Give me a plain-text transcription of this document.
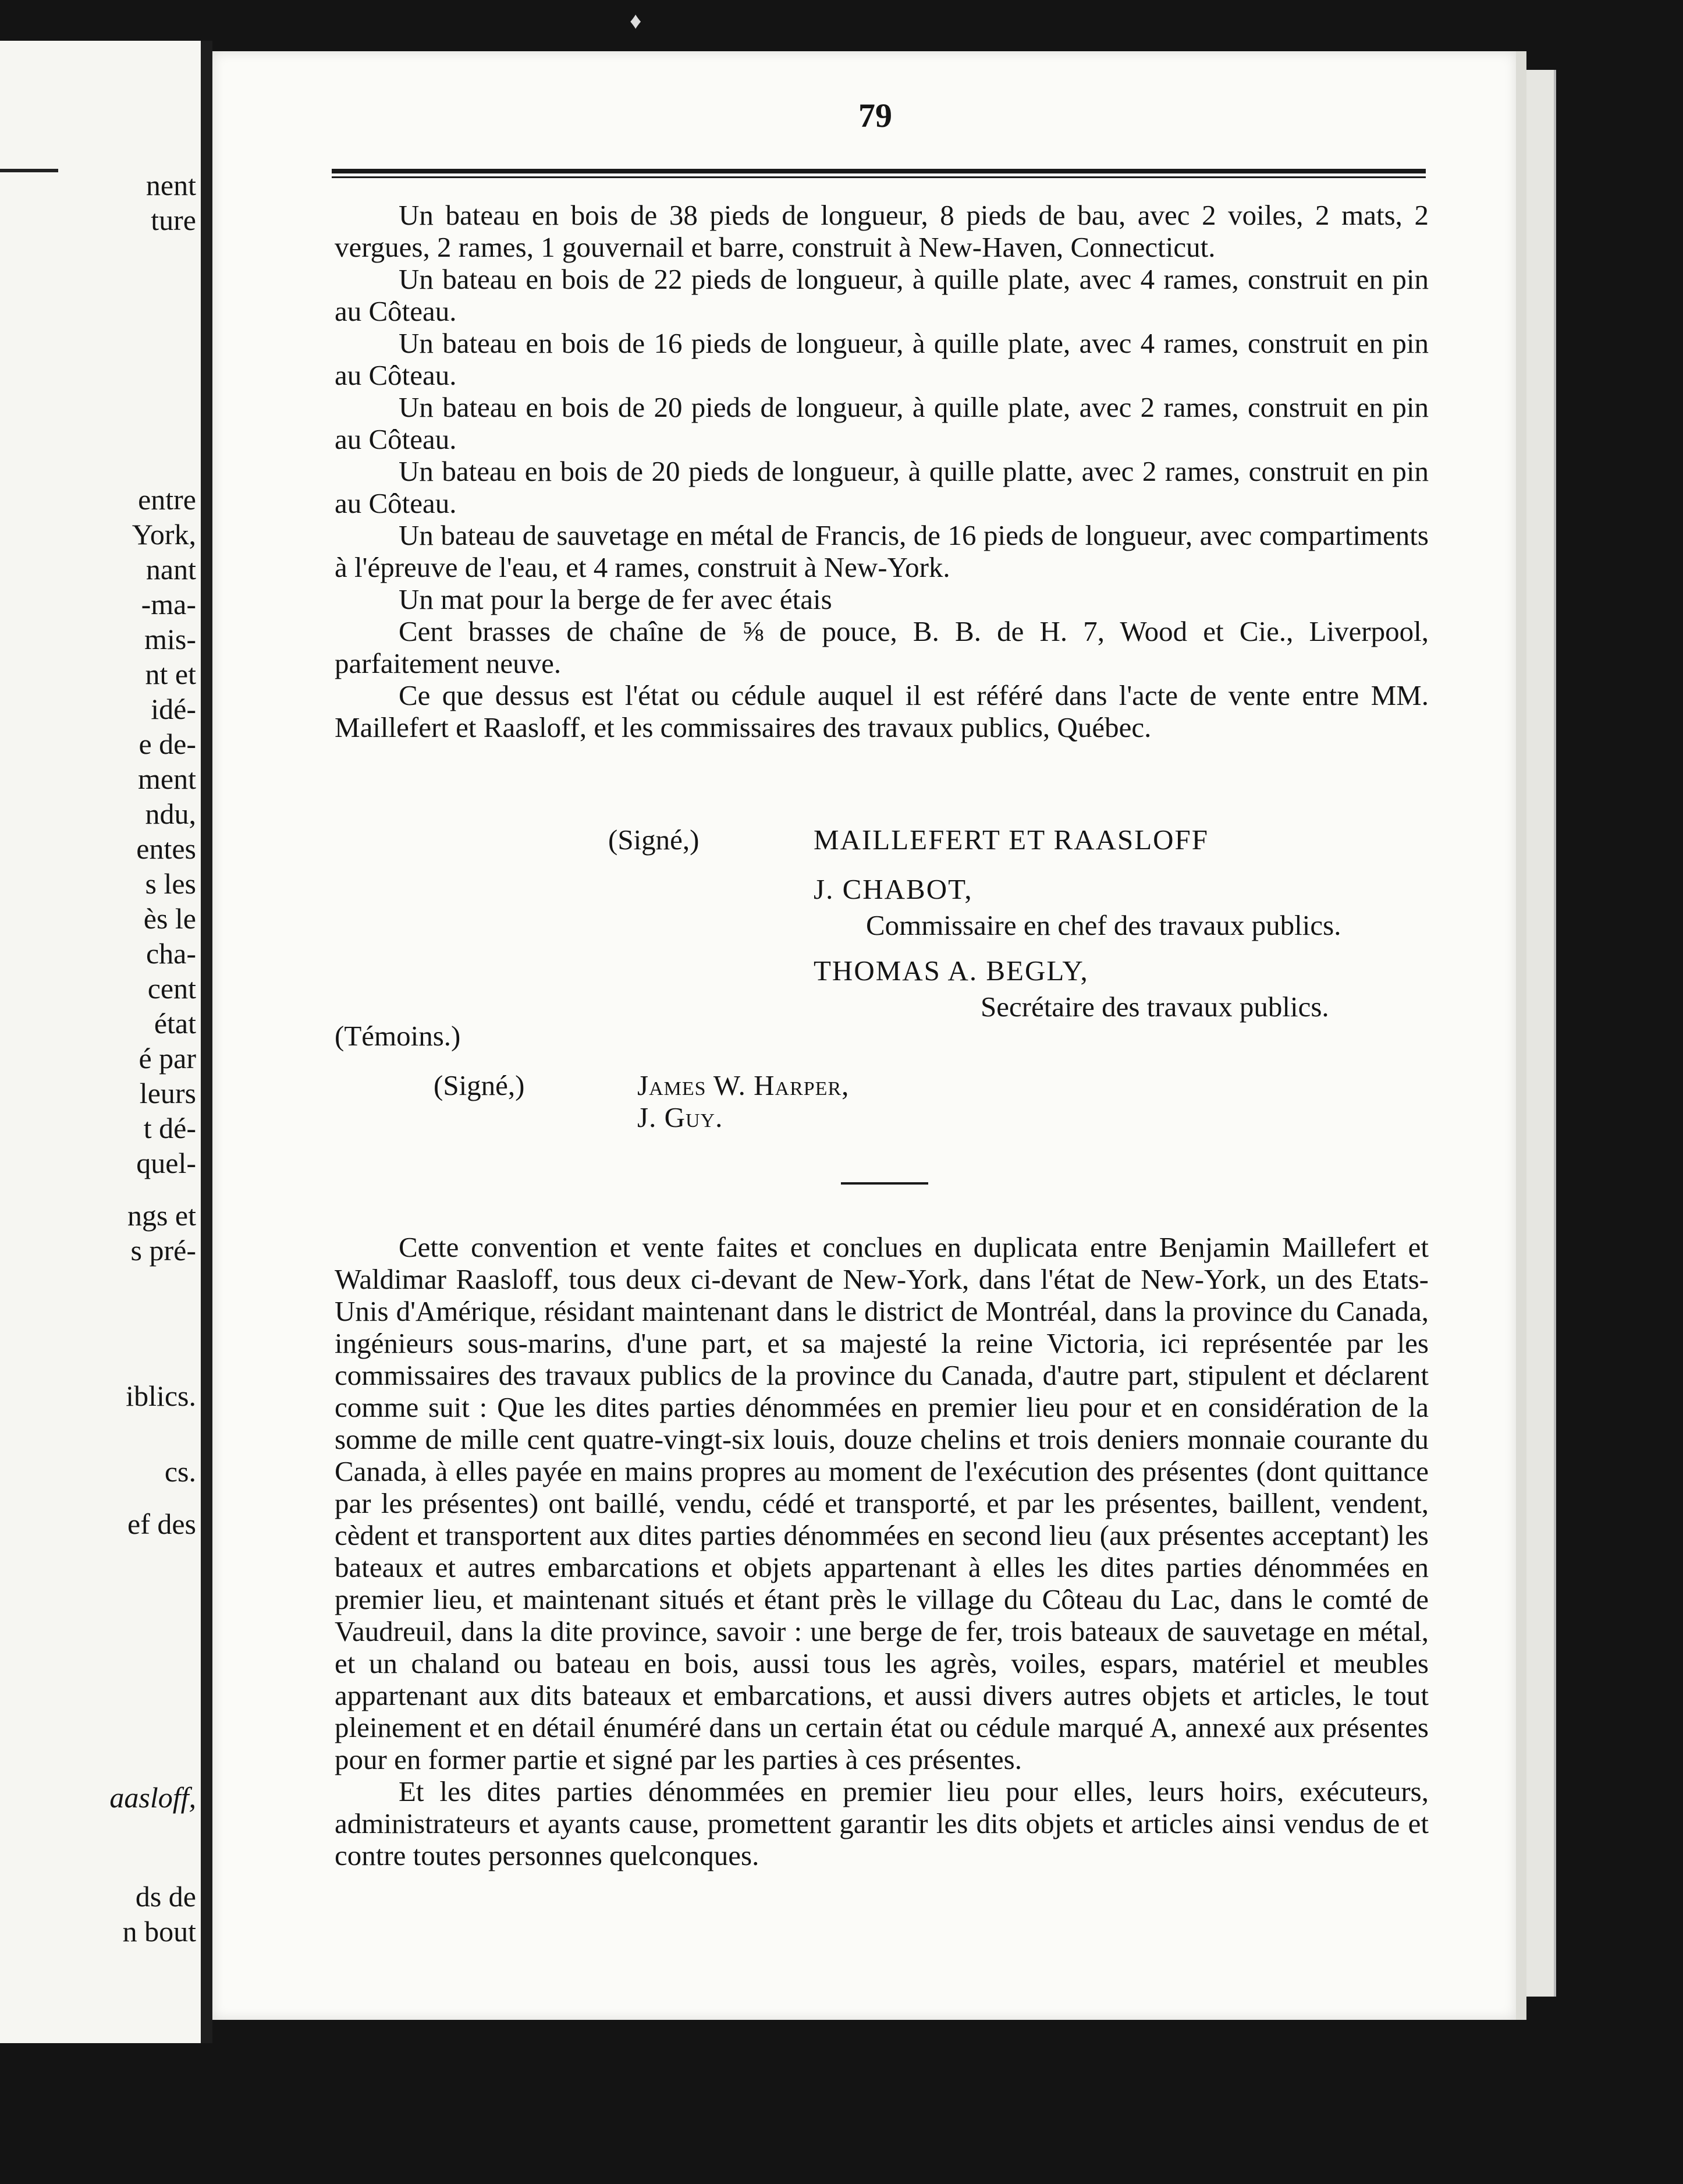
♦
nent
ture
entre
York,
nant
-ma-
mis-
nt et
idé-
e de-
ment
ndu,
entes
s les
ès le
cha-
cent
état
é par
leurs
t dé-
quel-
ngs et
s pré-
iblics.
cs.
ef des
aasloff,
ds de
n bout
79

Un bateau en bois de 38 pieds de longueur, 8 pieds de bau, avec 2 voiles, 2 mats, 2 vergues, 2 rames, 1 gouvernail et barre, construit à New-Haven, Connecticut.

Un bateau en bois de 22 pieds de longueur, à quille plate, avec 4 rames, construit en pin au Côteau.

Un bateau en bois de 16 pieds de longueur, à quille plate, avec 4 rames, construit en pin au Côteau.

Un bateau en bois de 20 pieds de longueur, à quille plate, avec 2 rames, construit en pin au Côteau.

Un bateau en bois de 20 pieds de longueur, à quille platte, avec 2 rames, construit en pin au Côteau.

Un bateau de sauvetage en métal de Francis, de 16 pieds de longueur, avec compartiments à l'épreuve de l'eau, et 4 rames, construit à New-York.

Un mat pour la berge de fer avec étais

Cent brasses de chaîne de ⅝ de pouce, B. B. de H. 7, Wood et Cie., Liverpool, parfaitement neuve.

Ce que dessus est l'état ou cédule auquel il est référé dans l'acte de vente entre MM. Maillefert et Raasloff, et les commissaires des travaux publics, Québec.

(Signé,)	MAILLEFERT ET RAASLOFF
J. CHABOT,
Commissaire en chef des travaux publics.
THOMAS A. BEGLY,
Secrétaire des travaux publics.
(Témoins.)
(Signé,)	James W. Harper,
J. Guy.

Cette convention et vente faites et conclues en duplicata entre Benjamin Maillefert et Waldimar Raasloff, tous deux ci-devant de New-York, dans l'état de New-York, un des Etats-Unis d'Amérique, résidant maintenant dans le district de Montréal, dans la province du Canada, ingénieurs sous-marins, d'une part, et sa majesté la reine Victoria, ici représentée par les commissaires des travaux publics de la province du Canada, d'autre part, stipulent et déclarent comme suit : Que les dites parties dénommées en premier lieu pour et en considération de la somme de mille cent quatre-vingt-six louis, douze chelins et trois deniers monnaie courante du Canada, à elles payée en mains propres au moment de l'exécution des présentes (dont quittance par les présentes) ont baillé, vendu, cédé et transporté, et par les présentes, baillent, vendent, cèdent et transportent aux dites parties dénommées en second lieu (aux présentes acceptant) les bateaux et autres embarcations et objets appartenant à elles les dites parties dénommées en premier lieu, et maintenant situés et étant près le village du Côteau du Lac, dans le comté de Vaudreuil, dans la dite province, savoir : une berge de fer, trois bateaux de sauvetage en métal, et un chaland ou bateau en bois, aussi tous les agrès, voiles, espars, matériel et meubles appartenant aux dits bateaux et embarcations, et aussi divers autres objets et articles, le tout pleinement et en détail énuméré dans un certain état ou cédule marqué A, annexé aux présentes pour en former partie et signé par les parties à ces présentes.

Et les dites parties dénommées en premier lieu pour elles, leurs hoirs, exécuteurs, administrateurs et ayants cause, promettent garantir les dits objets et articles ainsi vendus de et contre toutes personnes quelconques.
